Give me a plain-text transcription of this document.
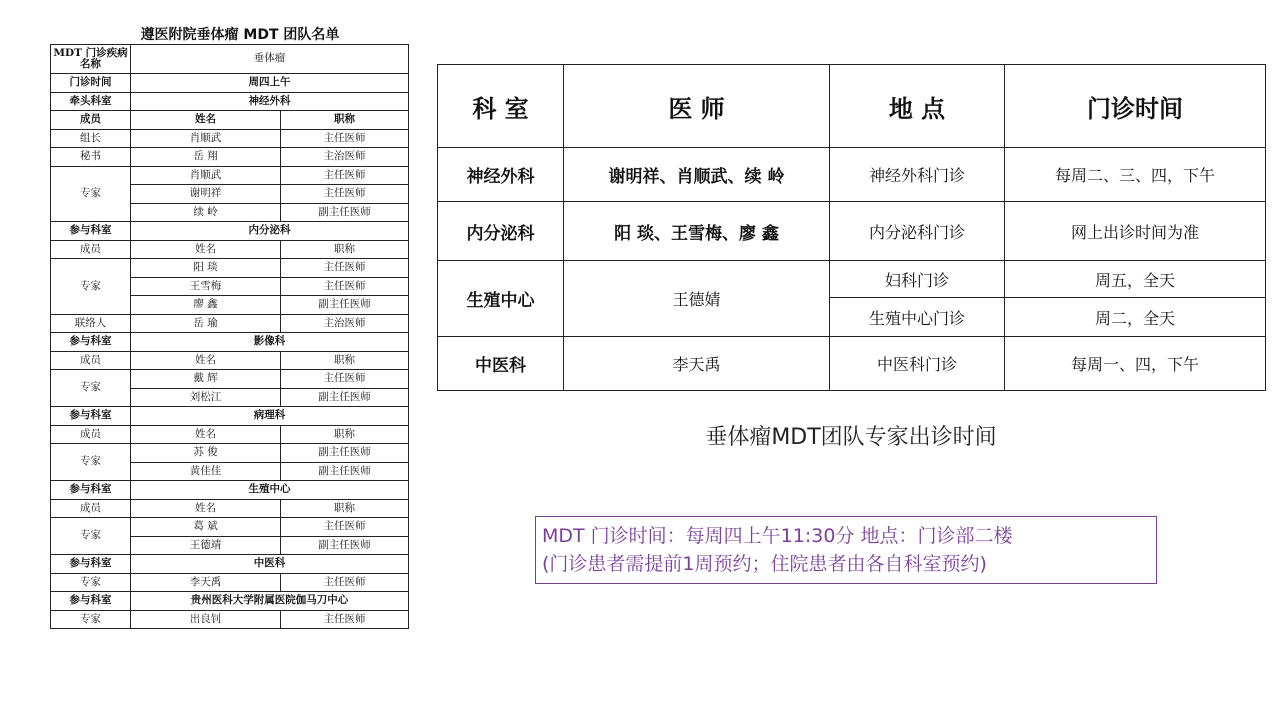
遵医附院垂体瘤 MDT 团队名单
MDT 门诊疾病名称	垂体瘤	
门诊时间	周四上午	
牵头科室	神经外科	
成员	姓名	职称
组长	肖顺武	主任医师
秘书	岳 翔	主治医师
专家	肖顺武	主任医师
	谢明祥	主任医师
	续 岭	副主任医师
参与科室	内分泌科	
成员	姓名	职称
专家	阳 琰	主任医师
	王雪梅	主任医师
	廖 鑫	副主任医师
联络人	岳 瑜	主治医师
参与科室	影像科	
成员	姓名	职称
专家	戴 辉	主任医师
	刘松江	副主任医师
参与科室	病理科	
成员	姓名	职称
专家	苏 俊	副主任医师
	黄佳佳	副主任医师
参与科室	生殖中心	
成员	姓名	职称
专家	葛 斌	主任医师
	王德靖	副主任医师
参与科室	中医科	
专家	李天禹	主任医师
参与科室	贵州医科大学附属医院伽马刀中心	
专家	出良钊	主任医师
科 室	医 师	地 点	门诊时间
神经外科	谢明祥、肖顺武、续 岭	神经外科门诊	每周二、三、四，下午
内分泌科	阳 琰、王雪梅、廖 鑫	内分泌科门诊	网上出诊时间为准
生殖中心	王德婧	妇科门诊	周五，全天
		生殖中心门诊	周二，全天
中医科	李天禹	中医科门诊	每周一、四，下午
垂体瘤MDT团队专家出诊时间
MDT 门诊时间：每周四上午11:30分 地点：门诊部二楼
(门诊患者需提前1周预约；住院患者由各自科室预约)
